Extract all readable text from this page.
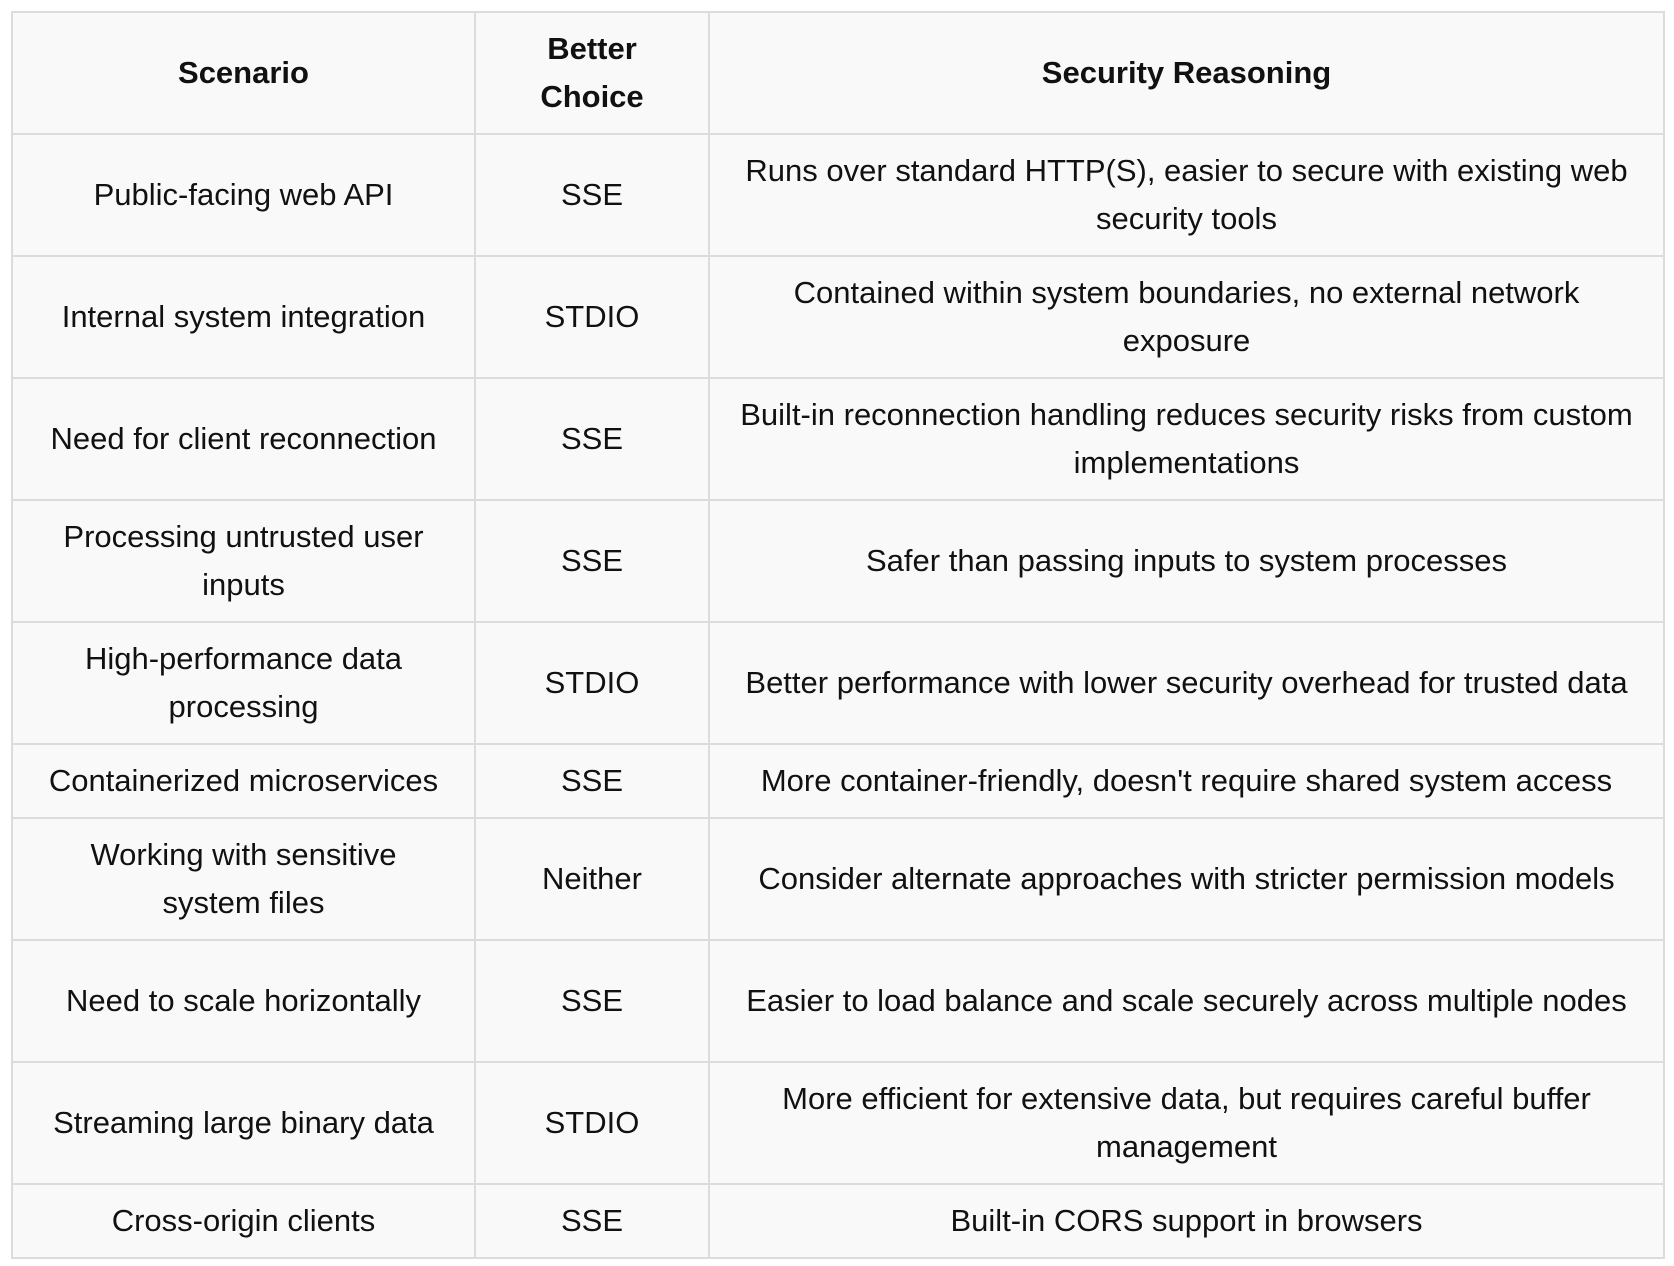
Scenario	Better Choice	Security Reasoning
Public-facing web API	SSE	Runs over standard HTTP(S), easier to secure with existing web security tools
Internal system integration	STDIO	Contained within system boundaries, no external network exposure
Need for client reconnection	SSE	Built-in reconnection handling reduces security risks from custom implementations
Processing untrusted user inputs	SSE	Safer than passing inputs to system processes
High-performance data processing	STDIO	Better performance with lower security overhead for trusted data
Containerized microservices	SSE	More container-friendly, doesn't require shared system access
Working with sensitive system files	Neither	Consider alternate approaches with stricter permission models
Need to scale horizontally	SSE	Easier to load balance and scale securely across multiple nodes
Streaming large binary data	STDIO	More efficient for extensive data, but requires careful buffer management
Cross-origin clients	SSE	Built-in CORS support in browsers
